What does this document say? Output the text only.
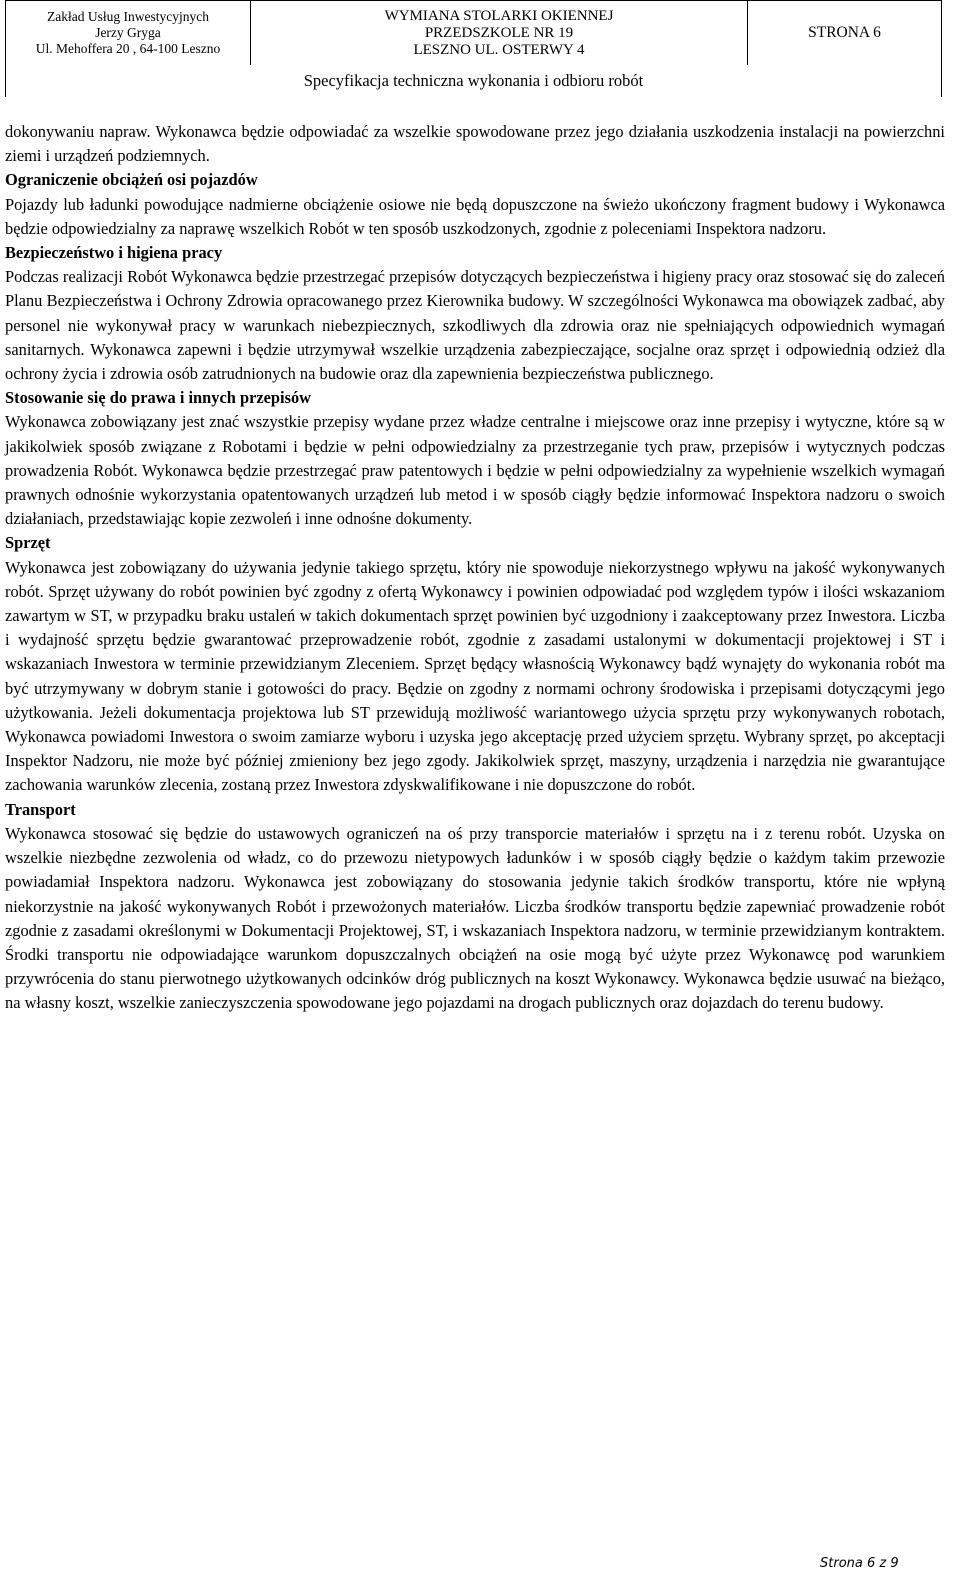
Zakład Usług Inwestycyjnych
Jerzy Gryga
Ul. Mehoffera 20 , 64-100 Leszno
WYMIANA STOLARKI OKIENNEJ
PRZEDSZKOLE NR 19
LESZNO UL. OSTERWY 4
STRONA 6
Specyfikacja techniczna wykonania i odbioru robót

dokonywaniu napraw. Wykonawca będzie odpowiadać za wszelkie spowodowane przez jego działania uszkodzenia instalacji na powierzchni ziemi i urządzeń podziemnych.

Ograniczenie obciążeń osi pojazdów

Pojazdy lub ładunki powodujące nadmierne obciążenie osiowe nie będą dopuszczone na świeżo ukończony fragment budowy i Wykonawca będzie odpowiedzialny za naprawę wszelkich Robót w ten sposób uszkodzonych, zgodnie z poleceniami Inspektora nadzoru.

Bezpieczeństwo i higiena pracy

Podczas realizacji Robót Wykonawca będzie przestrzegać przepisów dotyczących bezpieczeństwa i higieny pracy oraz stosować się do zaleceń Planu Bezpieczeństwa i Ochrony Zdrowia opracowanego przez Kierownika budowy. W szczególności Wykonawca ma obowiązek zadbać, aby personel nie wykonywał pracy w warunkach niebezpiecznych, szkodliwych dla zdrowia oraz nie spełniających odpowiednich wymagań sanitarnych. Wykonawca zapewni i będzie utrzymywał wszelkie urządzenia zabezpieczające, socjalne oraz sprzęt i odpowiednią odzież dla ochrony życia i zdrowia osób zatrudnionych na budowie oraz dla zapewnienia bezpieczeństwa publicznego.

Stosowanie się do prawa i innych przepisów

Wykonawca zobowiązany jest znać wszystkie przepisy wydane przez władze centralne i miejscowe oraz inne przepisy i wytyczne, które są w jakikolwiek sposób związane z Robotami i będzie w pełni odpowiedzialny za przestrzeganie tych praw, przepisów i wytycznych podczas prowadzenia Robót. Wykonawca będzie przestrzegać praw patentowych i będzie w pełni odpowiedzialny za wypełnienie wszelkich wymagań prawnych odnośnie wykorzystania opatentowanych urządzeń lub metod i w sposób ciągły będzie informować Inspektora nadzoru o swoich działaniach, przedstawiając kopie zezwoleń i inne odnośne dokumenty.

Sprzęt

Wykonawca jest zobowiązany do używania jedynie takiego sprzętu, który nie spowoduje niekorzystnego wpływu na jakość wykonywanych robót. Sprzęt używany do robót powinien być zgodny z ofertą Wykonawcy i powinien odpowiadać pod względem typów i ilości wskazaniom zawartym w ST, w przypadku braku ustaleń w takich dokumentach sprzęt powinien być uzgodniony i zaakceptowany przez Inwestora. Liczba i wydajność sprzętu będzie gwarantować przeprowadzenie robót, zgodnie z zasadami ustalonymi w dokumentacji projektowej i ST i wskazaniach Inwestora w terminie przewidzianym Zleceniem. Sprzęt będący własnością Wykonawcy bądź wynajęty do wykonania robót ma być utrzymywany w dobrym stanie i gotowości do pracy. Będzie on zgodny z normami ochrony środowiska i przepisami dotyczącymi jego użytkowania. Jeżeli dokumentacja projektowa lub ST przewidują możliwość wariantowego użycia sprzętu przy wykonywanych robotach, Wykonawca powiadomi Inwestora o swoim zamiarze wyboru i uzyska jego akceptację przed użyciem sprzętu. Wybrany sprzęt, po akceptacji Inspektor Nadzoru, nie może być później zmieniony bez jego zgody. Jakikolwiek sprzęt, maszyny, urządzenia i narzędzia nie gwarantujące zachowania warunków zlecenia, zostaną przez Inwestora zdyskwalifikowane i nie dopuszczone do robót.

Transport

Wykonawca stosować się będzie do ustawowych ograniczeń na oś przy transporcie materiałów i sprzętu na i z terenu robót. Uzyska on wszelkie niezbędne zezwolenia od władz, co do przewozu nietypowych ładunków i w sposób ciągły będzie o każdym takim przewozie powiadamiał Inspektora nadzoru. Wykonawca jest zobowiązany do stosowania jedynie takich środków transportu, które nie wpłyną niekorzystnie na jakość wykonywanych Robót i przewożonych materiałów. Liczba środków transportu będzie zapewniać prowadzenie robót zgodnie z zasadami określonymi w Dokumentacji Projektowej, ST, i wskazaniach Inspektora nadzoru, w terminie przewidzianym kontraktem. Środki transportu nie odpowiadające warunkom dopuszczalnych obciążeń na osie mogą być użyte przez Wykonawcę pod warunkiem przywrócenia do stanu pierwotnego użytkowanych odcinków dróg publicznych na koszt Wykonawcy. Wykonawca będzie usuwać na bieżąco, na własny koszt, wszelkie zanieczyszczenia spowodowane jego pojazdami na drogach publicznych oraz dojazdach do terenu budowy.

Strona 6 z 9
